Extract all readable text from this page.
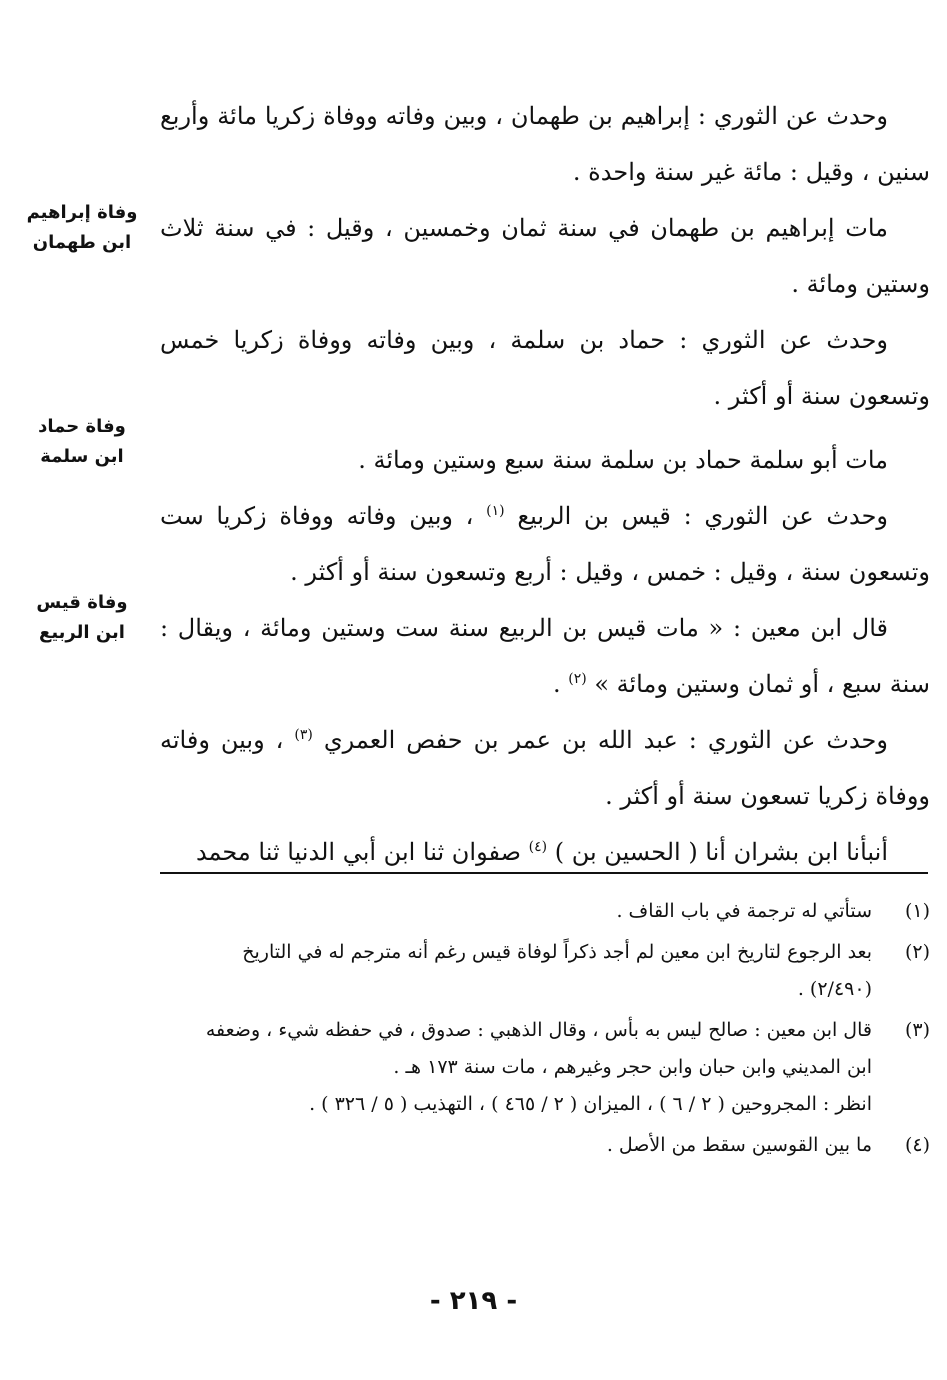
وحدث عن الثوري : إبراهيم بن طهمان ، وبين وفاته ووفاة زكريا مائة وأربع سنين ، وقيل : مائة غير سنة واحدة .

مات إبراهيم بن طهمان في سنة ثمان وخمسين ، وقيل : في سنة ثلاث وستين ومائة .

وحدث عن الثوري : حماد بن سلمة ، وبين وفاته ووفاة زكريا خمس وتسعون سنة أو أكثر .

مات أبو سلمة حماد بن سلمة سنة سبع وستين ومائة .

وحدث عن الثوري : قيس بن الربيع $^{(١)}$ ، وبين وفاته ووفاة زكريا ست وتسعون سنة ، وقيل : خمس ، وقيل : أربع وتسعون سنة أو أكثر .

قال ابن معين : « مات قيس بن الربيع سنة ست وستين ومائة ، ويقال : سنة سبع ، أو ثمان وستين ومائة » $^{(٢)}$ .

وحدث عن الثوري : عبد الله بن عمر بن حفص العمري $^{(٣)}$ ، وبين وفاته ووفاة زكريا تسعون سنة أو أكثر .

أنبأنا ابن بشران أنا ( الحسين بن ) $^{(٤)}$ صفوان ثنا ابن أبي الدنيا ثنا محمد

وفاة إبراهيم
ابن طهمان
وفاة حماد
ابن سلمة
وفاة قيس
ابن الربيع
(١)
ستأتي له ترجمة في باب القاف .
(٢)
بعد الرجوع لتاريخ ابن معين لم أجد ذكراً لوفاة قيس رغم أنه مترجم له في التاريخ
(٢/٤٩٠) .
(٣)
قال ابن معين : صالح ليس به بأس ، وقال الذهبي : صدوق ، في حفظه شيء ، وضعفه
ابن المديني وابن حبان وابن حجر وغيرهم ، مات سنة ١٧٣ هـ .
انظر : المجروحين ( ٢ / ٦ ) ، الميزان ( ٢ / ٤٦٥ ) ، التهذيب ( ٥ / ٣٢٦ ) .
(٤)
ما بين القوسين سقط من الأصل .
- ٢١٩ -
